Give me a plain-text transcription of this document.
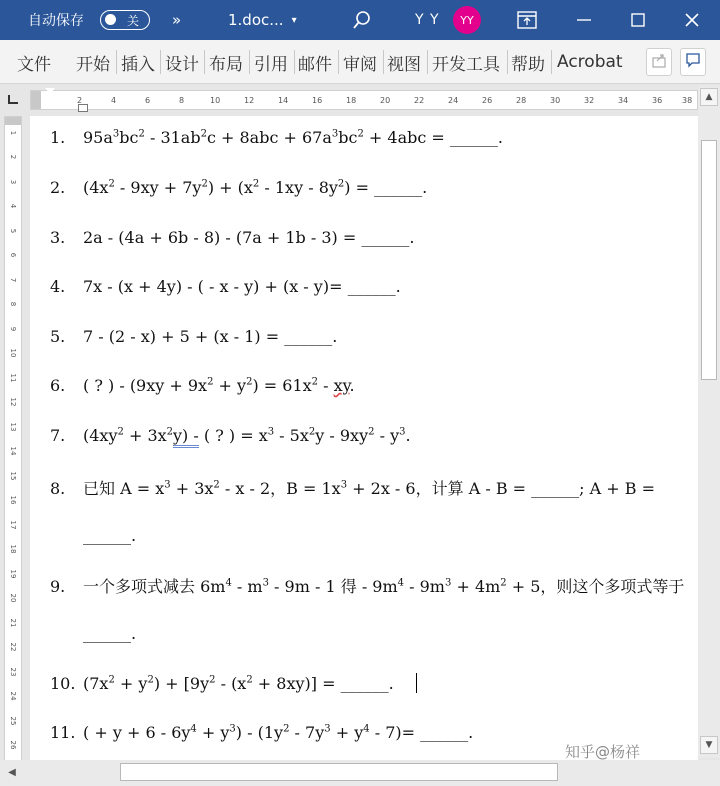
自动保存	关 »	1.doc... ▾	Y Y	YY
文件 开始 插入 设计 布局 引用 邮件 审阅 视图 开发工具 帮助 Acrobat
2	4	6	8	10	12	14	16	18	20	22	24	26	28	30	32	34	36 38
1
2
3
4
5
6
7
8
9
10
11
12
13
14
15
16
17
18
19
20
21
22
23
24
25
26
1. $95a^3bc^2 - 31ab^2c + 8abc + 67a^3bc^2 + 4abc$ = ______.
2. $(4x^2 - 9xy + 7y^2) + (x^2 - 1xy - 8y^2)$ = ______.
3. 2a - (4a + 6b - 8) - (7a + 1b - 3) = ______.
4. 7x - (x + 4y) - ( - x - y) + (x - y)= ______.
5. 7 - (2 - x) + 5 + (x - 1) = ______.
6. ( ? ) - $(9xy + 9x^2 + y^2) = 61x^2$ - xy.
7. $(4xy^2 + 3x^2y)$ - ( ? ) = $x^3 - 5x^2y - 9xy^2 - y^3$.
8. 已知 $A = x^3 + 3x^2 - x - 2$，$B = 1x^3 + 2x - 6$，计算 A - B = ______; A + B =
______.
9. 一个多项式减去 $6m^4 - m^3 - 9m - 1$ 得 - $9m^4 - 9m^3 + 4m^2 + 5$，则这个多项式等于
______.
10. $(7x^2 + y^2) + [9y^2 - (x^2 + 8xy)]$ = ______.
11. ( + $y + 6 - 6y^4 + y^3) - (1y^2 - 7y^3 + y^4 - 7)=$ ______.
▲
▼
◀
知乎@杨祥
